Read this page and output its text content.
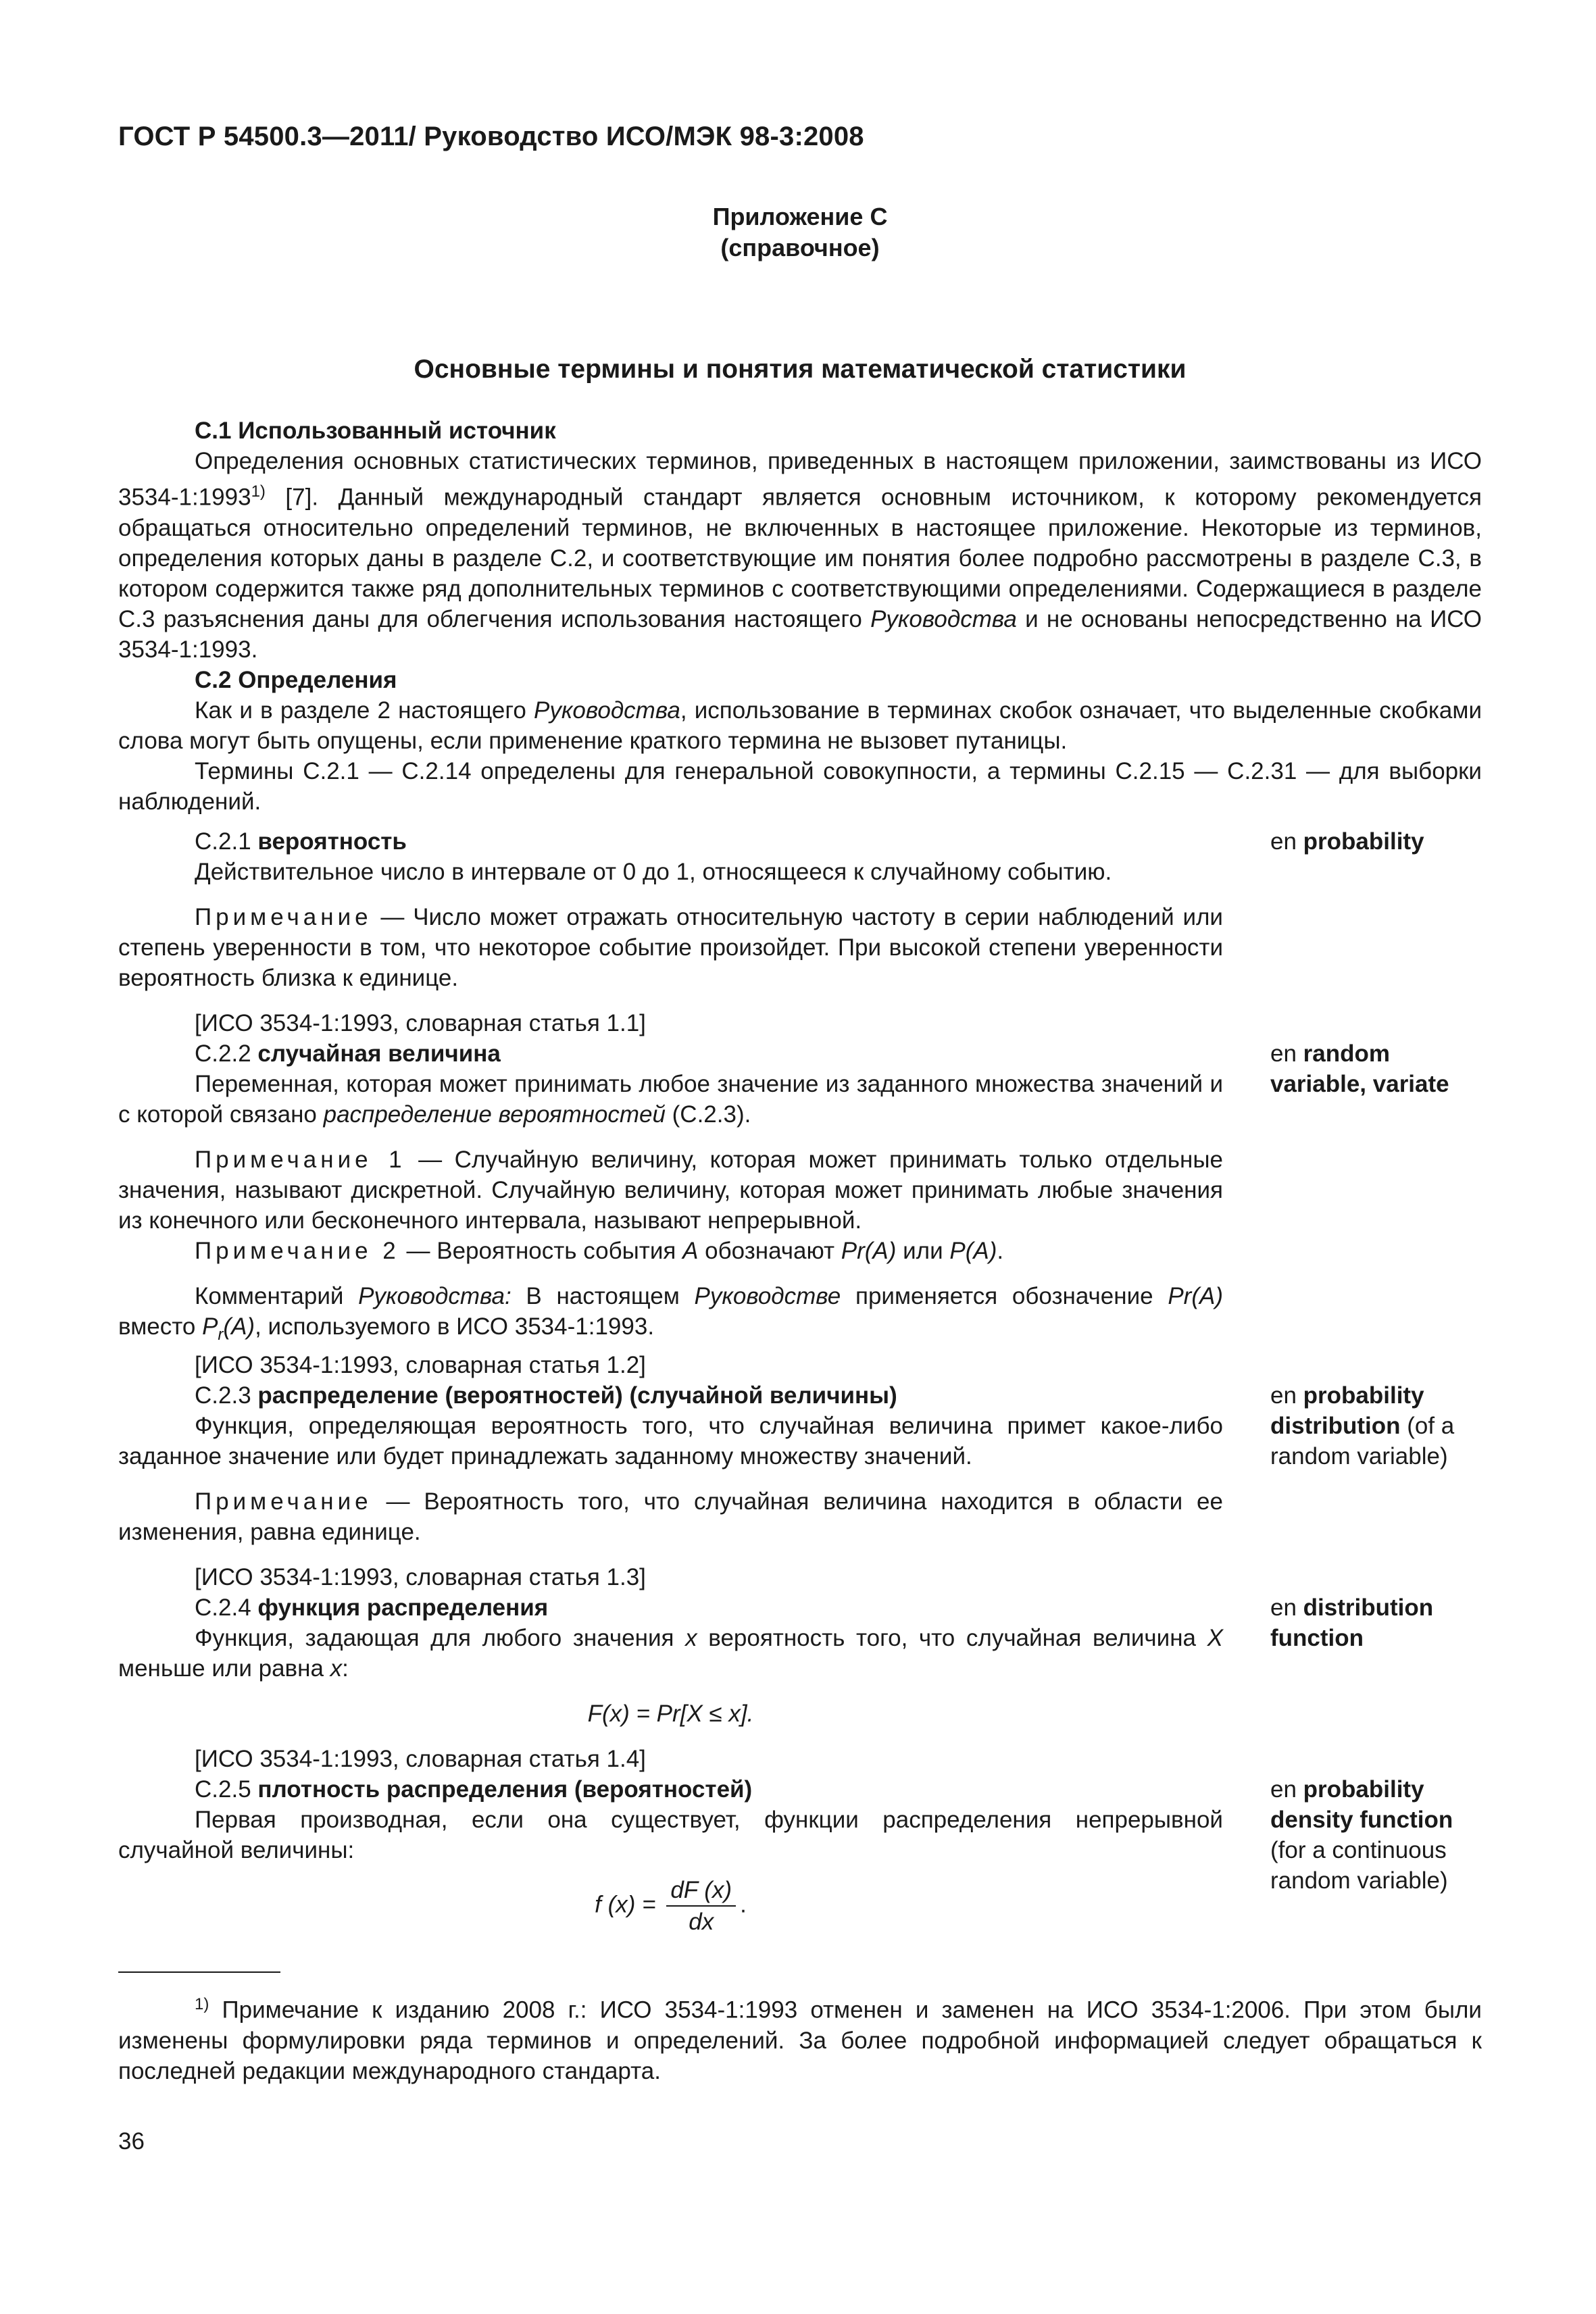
ГОСТ Р 54500.3—2011/ Руководство ИСО/МЭК 98-3:2008
Приложение С
(справочное)
Основные термины и понятия математической статистики

С.1 Использованный источник

Определения основных статистических терминов, приведенных в настоящем приложении, заимствованы из ИСО 3534-1:1993$^{1)}$ [7]. Данный международный стандарт является основным источником, к которому рекомендуется обращаться относительно определений терминов, не включенных в настоящее приложение. Некоторые из терминов, определения которых даны в разделе С.2, и соответствующие им понятия более подробно рассмотрены в разделе С.3, в котором содержится также ряд дополнительных терминов с соответствующими определениями. Содержащиеся в разделе С.3 разъяснения даны для облегчения использования настоящего Руководства и не основаны непосредственно на ИСО 3534-1:1993.

С.2 Определения

Как и в разделе 2 настоящего Руководства, использование в терминах скобок означает, что выделенные скобками слова могут быть опущены, если применение краткого термина не вызовет путаницы.

Термины С.2.1 — С.2.14 определены для генеральной совокупности, а термины С.2.15 — С.2.31 — для выборки наблюдений.

С.2.1 вероятность

Действительное число в интервале от 0 до 1, относящееся к случайному событию.

Примечание — Число может отражать относительную частоту в серии наблюдений или степень уверенности в том, что некоторое событие произойдет. При высокой степени уверенности вероятность близка к единице.

[ИСО 3534-1:1993, словарная статья 1.1]

en probability

С.2.2 случайная величина

Переменная, которая может принимать любое значение из заданного множества значений и с которой связано распределение вероятностей (С.2.3).

Примечание 1 — Случайную величину, которая может принимать только отдельные значения, называют дискретной. Случайную величину, которая может принимать любые значения из конечного или бесконечного интервала, называют непрерывной.

Примечание 2 — Вероятность события A обозначают Pr(A) или P(A).

Комментарий Руководства: В настоящем Руководстве применяется обозначение Pr(A) вместо $P_r(A)$, используемого в ИСО 3534-1:1993.

[ИСО 3534-1:1993, словарная статья 1.2]

en random variable, variate

С.2.3 распределение (вероятностей) (случайной величины)

Функция, определяющая вероятность того, что случайная величина примет какое-либо заданное значение или будет принадлежать заданному множеству значений.

Примечание — Вероятность того, что случайная величина находится в области ее изменения, равна единице.

[ИСО 3534-1:1993, словарная статья 1.3]

en probability distribution (of a random variable)

С.2.4 функция распределения

Функция, задающая для любого значения x вероятность того, что случайная величина X меньше или равна x:

F(x) = Pr[X ≤ x].

[ИСО 3534-1:1993, словарная статья 1.4]

en distribution function

С.2.5 плотность распределения (вероятностей)

Первая производная, если она существует, функции распределения непрерывной случайной величины:

f $(x) = \frac{dF (x)}{dx}$ .
en probability density function (for a continuous random variable)
$^{1)}$ Примечание к изданию 2008 г.: ИСО 3534-1:1993 отменен и заменен на ИСО 3534-1:2006. При этом были изменены формулировки ряда терминов и определений. За более подробной информацией следует обращаться к последней редакции международного стандарта.
36
